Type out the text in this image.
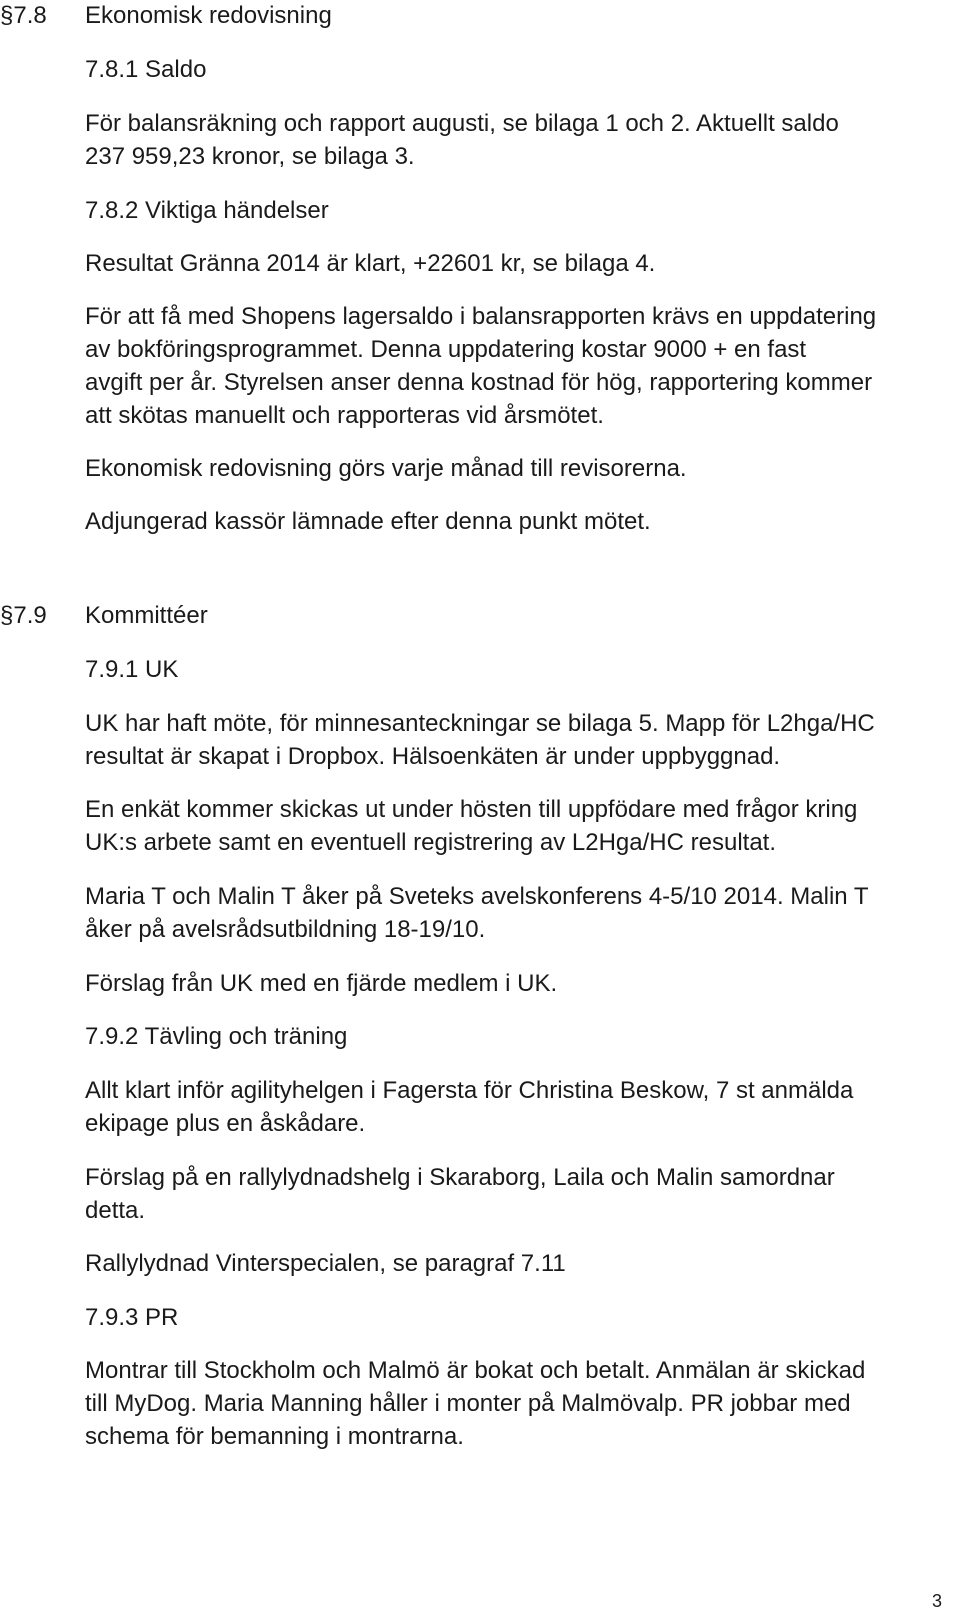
§7.8 Ekonomisk redovisning
7.8.1 Saldo
För balansräkning och rapport augusti, se bilaga 1 och 2. Aktuellt saldo
237 959,23 kronor, se bilaga 3.
7.8.2 Viktiga händelser
Resultat Gränna 2014 är klart, +22601 kr, se bilaga 4.
För att få med Shopens lagersaldo i balansrapporten krävs en uppdatering
av bokföringsprogrammet. Denna uppdatering kostar 9000 + en fast
avgift per år. Styrelsen anser denna kostnad för hög, rapportering kommer
att skötas manuellt och rapporteras vid årsmötet.
Ekonomisk redovisning görs varje månad till revisorerna.
Adjungerad kassör lämnade efter denna punkt mötet.
§7.9 Kommittéer
7.9.1 UK
UK har haft möte, för minnesanteckningar se bilaga 5. Mapp för L2hga/HC
resultat är skapat i Dropbox. Hälsoenkäten är under uppbyggnad.
En enkät kommer skickas ut under hösten till uppfödare med frågor kring
UK:s arbete samt en eventuell registrering av L2Hga/HC resultat.
Maria T och Malin T åker på Sveteks avelskonferens 4-5/10 2014. Malin T
åker på avelsrådsutbildning 18-19/10.
Förslag från UK med en fjärde medlem i UK.
7.9.2 Tävling och träning
Allt klart inför agilityhelgen i Fagersta för Christina Beskow, 7 st anmälda
ekipage plus en åskådare.
Förslag på en rallylydnadshelg i Skaraborg, Laila och Malin samordnar
detta.
Rallylydnad Vinterspecialen, se paragraf 7.11
7.9.3 PR
Montrar till Stockholm och Malmö är bokat och betalt. Anmälan är skickad
till MyDog. Maria Manning håller i monter på Malmövalp. PR jobbar med
schema för bemanning i montrarna.
3
